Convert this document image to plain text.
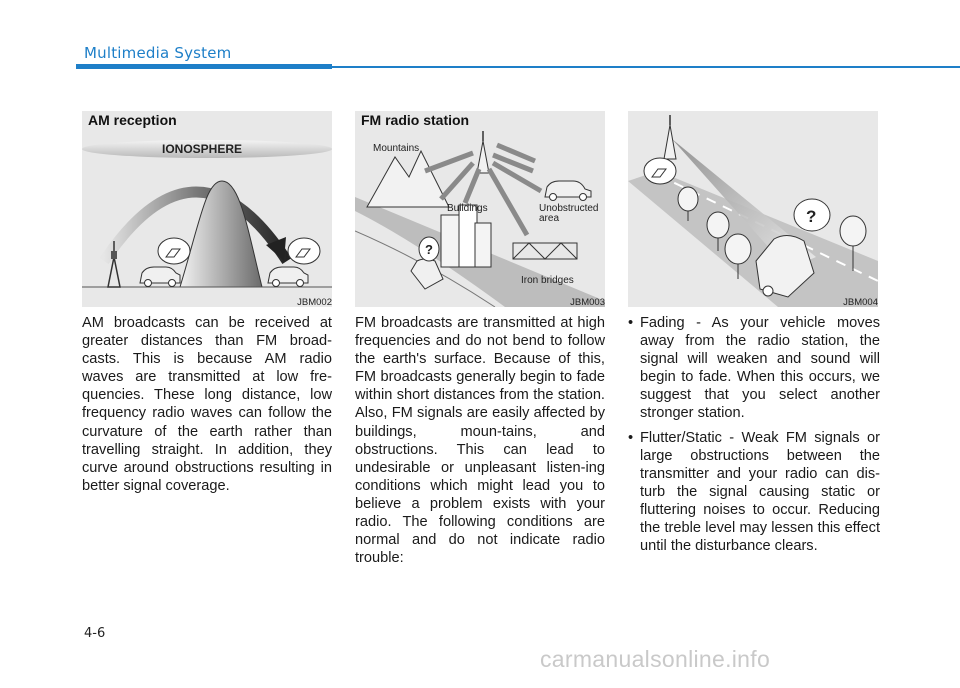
Multimedia System
IONOSPHERE
AM reception
JBM002
?
Mountains
Buildings	Unobstructed
area
Iron bridges
FM radio station
JBM003
?
JBM004
AM broadcasts can be received at greater distances than FM broad-casts. This is because AM radio waves are transmitted at low fre-quencies. These long distance, low frequency radio waves can follow the curvature of the earth rather than travelling straight. In addition, they curve around obstructions resulting in better signal coverage.
FM broadcasts are transmitted at high frequencies and do not bend to follow the earth's surface. Because of this, FM broadcasts generally begin to fade within short distances from the station. Also, FM signals are easily affected by buildings, moun-tains, and obstructions. This can lead to undesirable or unpleasant listen-ing conditions which might lead you to believe a problem exists with your radio. The following conditions are normal and do not indicate radio trouble:
• Fading - As your vehicle moves away from the radio station, the signal will weaken and sound will begin to fade. When this occurs, we suggest that you select another stronger station.
• Flutter/Static - Weak FM signals or large obstructions between the transmitter and your radio can dis-turb the signal causing static or fluttering noises to occur. Reducing the treble level may lessen this effect until the disturbance clears.
4-6
carmanualsonline.info
